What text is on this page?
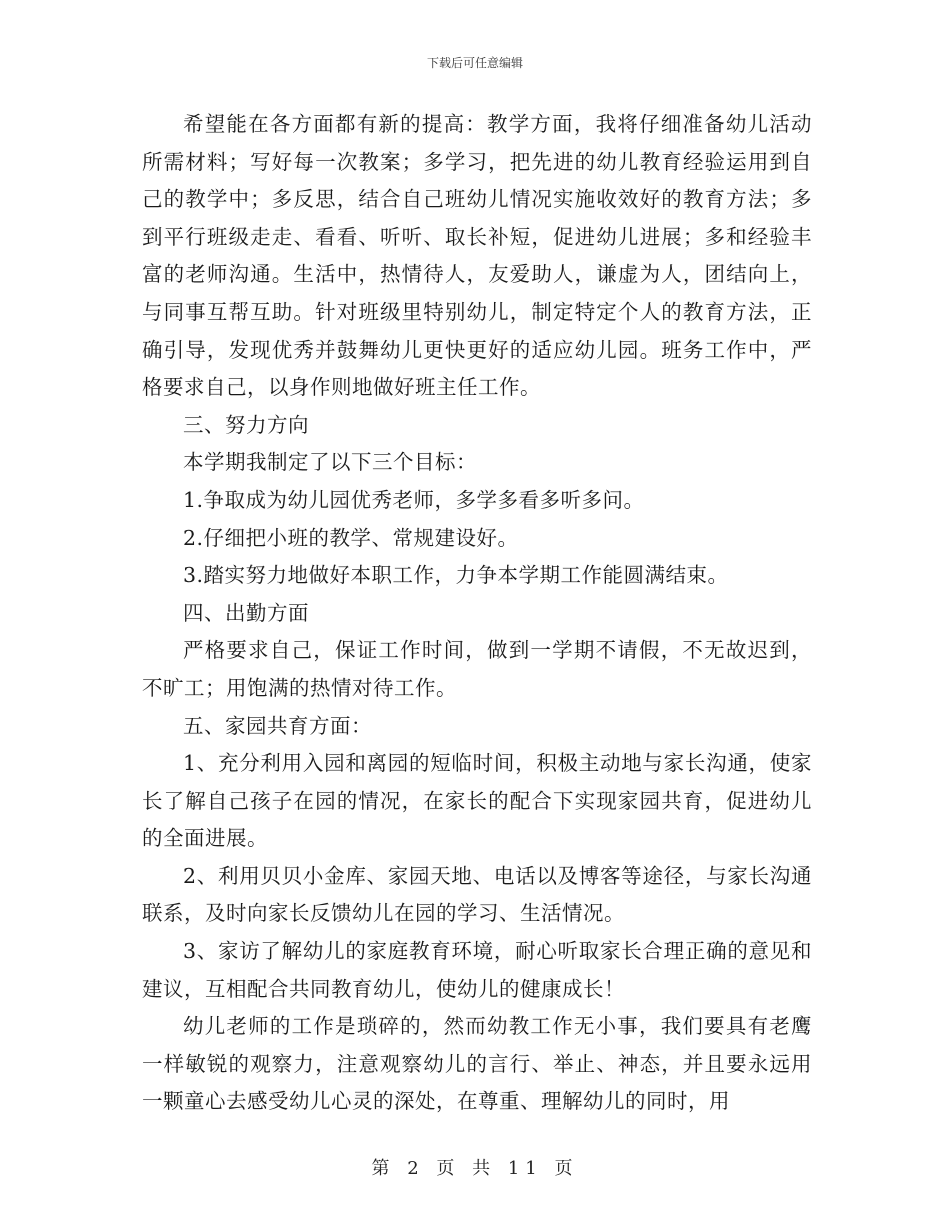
下载后可任意编辑

希望能在各方面都有新的提高：教学方面，我将仔细准备幼儿活动所需材料；写好每一次教案；多学习，把先进的幼儿教育经验运用到自己的教学中；多反思，结合自己班幼儿情况实施收效好的教育方法；多到平行班级走走、看看、听听、取长补短，促进幼儿进展；多和经验丰富的老师沟通。生活中，热情待人，友爱助人，谦虚为人，团结向上，与同事互帮互助。针对班级里特别幼儿，制定特定个人的教育方法，正确引导，发现优秀并鼓舞幼儿更快更好的适应幼儿园。班务工作中，严格要求自己，以身作则地做好班主任工作。

三、努力方向

本学期我制定了以下三个目标：

1.争取成为幼儿园优秀老师，多学多看多听多问。

2.仔细把小班的教学、常规建设好。

3.踏实努力地做好本职工作，力争本学期工作能圆满结束。

四、出勤方面

严格要求自己，保证工作时间，做到一学期不请假，不无故迟到，不旷工；用饱满的热情对待工作。

五、家园共育方面：

1、充分利用入园和离园的短临时间，积极主动地与家长沟通，使家长了解自己孩子在园的情况，在家长的配合下实现家园共育，促进幼儿的全面进展。

2、利用贝贝小金库、家园天地、电话以及博客等途径，与家长沟通联系，及时向家长反馈幼儿在园的学习、生活情况。

3、家访了解幼儿的家庭教育环境，耐心听取家长合理正确的意见和建议，互相配合共同教育幼儿，使幼儿的健康成长！

幼儿老师的工作是琐碎的，然而幼教工作无小事，我们要具有老鹰一样敏锐的观察力，注意观察幼儿的言行、举止、神态，并且要永远用一颗童心去感受幼儿心灵的深处，在尊重、理解幼儿的同时，用

第 2 页 共 11 页
